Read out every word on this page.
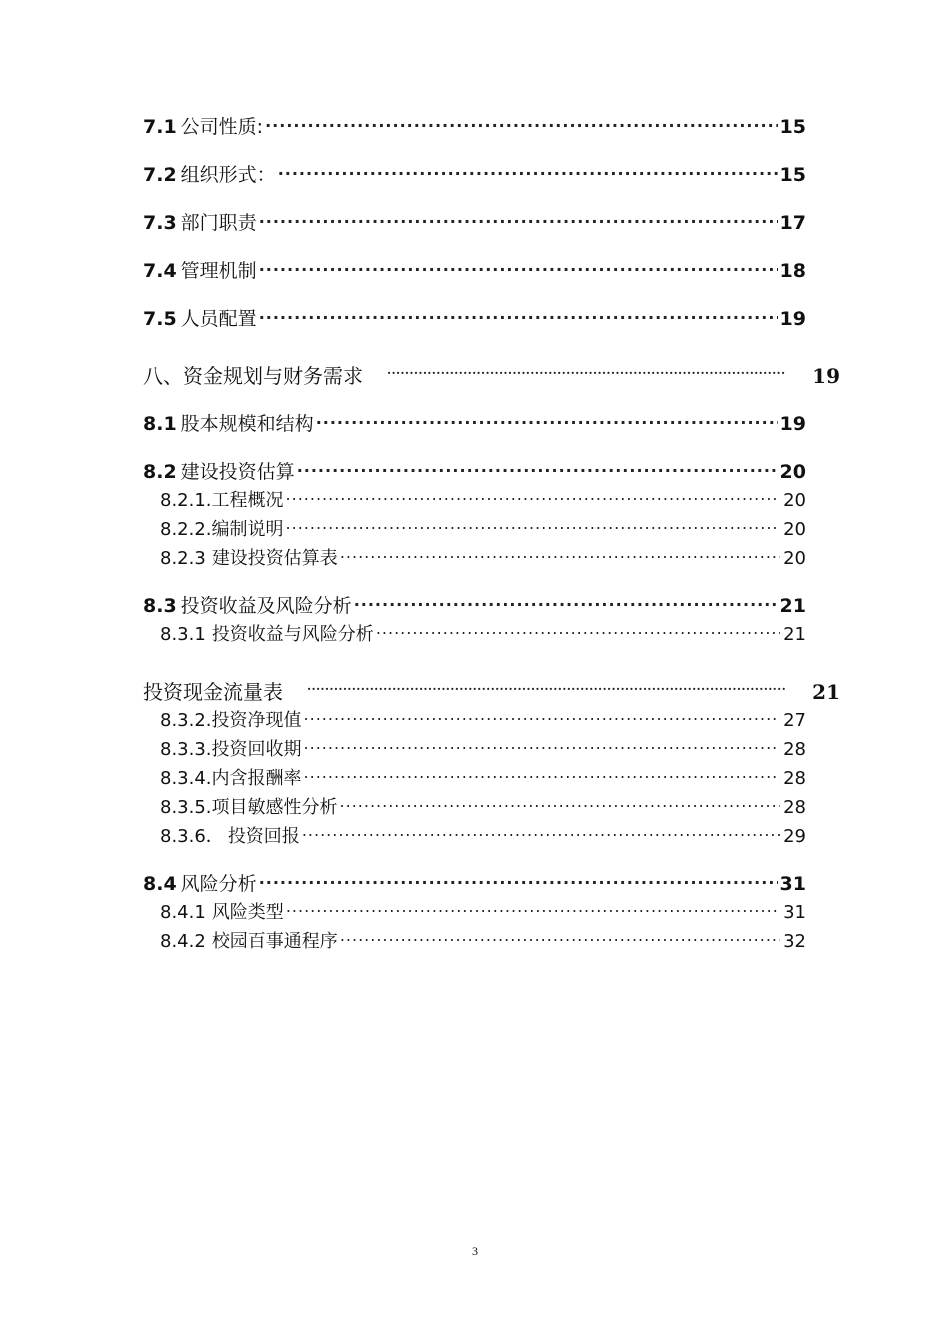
7.1 公司性质: .....	15
7.2 组织形式： .....	15
7.3 部门职责 .....	17
7.4 管理机制 .....	18
7.5 人员配置 .....	19
八、资金规划与财务需求 .....	19
8.1 股本规模和结构 .....	19
8.2 建设投资估算 .....	20
8.2.1. 工程概况 .....	20
8.2.2. 编制说明 .....	20
8.2.3 建设投资估算表 .....	20
8.3 投资收益及风险分析 .....	21
8.3.1 投资收益与风险分析 .....	21
投资现金流量表 .....	21
8.3.2. 投资净现值 .....	27
8.3.3. 投资回收期 .....	28
8.3.4. 内含报酬率 .....	28
8.3.5. 项目敏感性分析 .....	28
8.3.6． 投资回报 .....	29
8.4 风险分析 .....	31
8.4.1 风险类型 .....	31
8.4.2 校园百事通程序 .....	32
3
